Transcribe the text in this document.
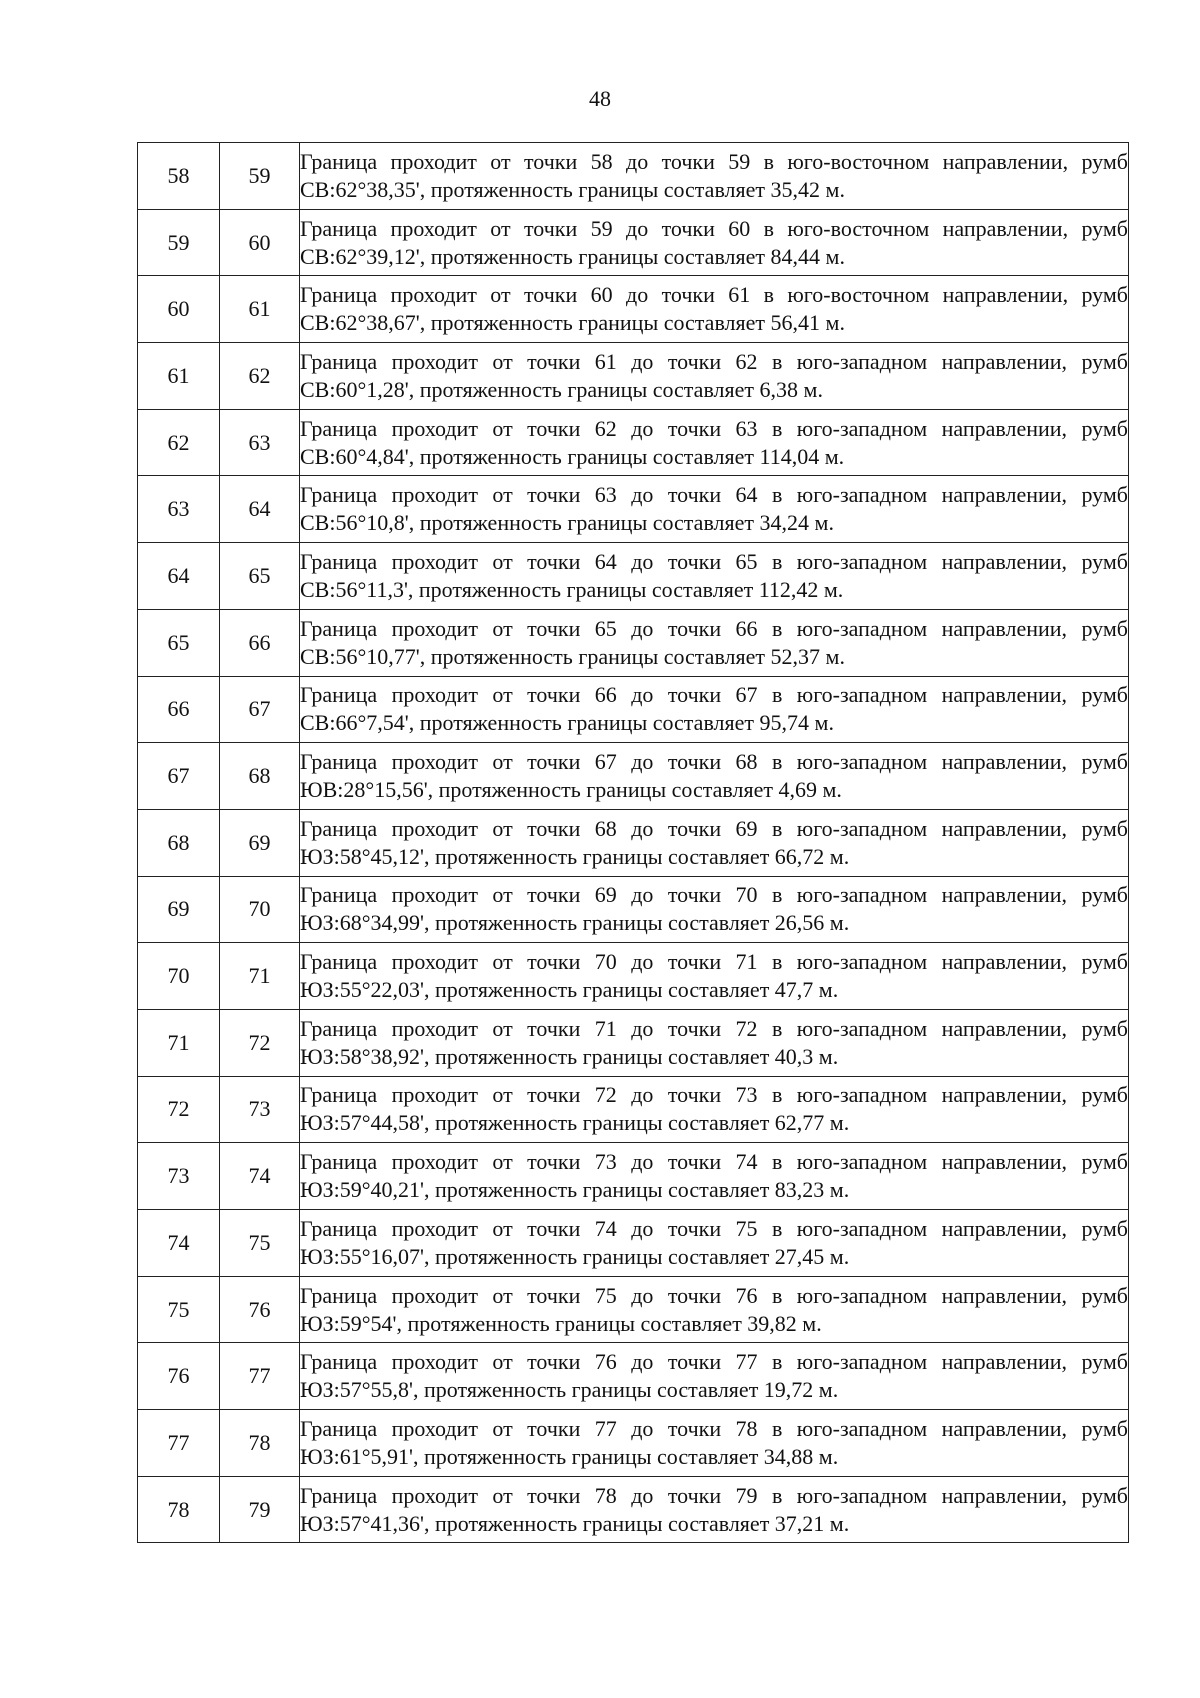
48
58	59	Граница проходит от точки 58 до точки 59 в юго-восточном направлении, румб СВ:62°38,35', протяженность границы составляет 35,42 м.
59	60	Граница проходит от точки 59 до точки 60 в юго-восточном направлении, румб СВ:62°39,12', протяженность границы составляет 84,44 м.
60	61	Граница проходит от точки 60 до точки 61 в юго-восточном направлении, румб СВ:62°38,67', протяженность границы составляет 56,41 м.
61	62	Граница проходит от точки 61 до точки 62 в юго-западном направлении, румб СВ:60°1,28', протяженность границы составляет 6,38 м.
62	63	Граница проходит от точки 62 до точки 63 в юго-западном направлении, румб СВ:60°4,84', протяженность границы составляет 114,04 м.
63	64	Граница проходит от точки 63 до точки 64 в юго-западном направлении, румб СВ:56°10,8', протяженность границы составляет 34,24 м.
64	65	Граница проходит от точки 64 до точки 65 в юго-западном направлении, румб СВ:56°11,3', протяженность границы составляет 112,42 м.
65	66	Граница проходит от точки 65 до точки 66 в юго-западном направлении, румб СВ:56°10,77', протяженность границы составляет 52,37 м.
66	67	Граница проходит от точки 66 до точки 67 в юго-западном направлении, румб СВ:66°7,54', протяженность границы составляет 95,74 м.
67	68	Граница проходит от точки 67 до точки 68 в юго-западном направлении, румб ЮВ:28°15,56', протяженность границы составляет 4,69 м.
68	69	Граница проходит от точки 68 до точки 69 в юго-западном направлении, румб ЮЗ:58°45,12', протяженность границы составляет 66,72 м.
69	70	Граница проходит от точки 69 до точки 70 в юго-западном направлении, румб ЮЗ:68°34,99', протяженность границы составляет 26,56 м.
70	71	Граница проходит от точки 70 до точки 71 в юго-западном направлении, румб ЮЗ:55°22,03', протяженность границы составляет 47,7 м.
71	72	Граница проходит от точки 71 до точки 72 в юго-западном направлении, румб ЮЗ:58°38,92', протяженность границы составляет 40,3 м.
72	73	Граница проходит от точки 72 до точки 73 в юго-западном направлении, румб ЮЗ:57°44,58', протяженность границы составляет 62,77 м.
73	74	Граница проходит от точки 73 до точки 74 в юго-западном направлении, румб ЮЗ:59°40,21', протяженность границы составляет 83,23 м.
74	75	Граница проходит от точки 74 до точки 75 в юго-западном направлении, румб ЮЗ:55°16,07', протяженность границы составляет 27,45 м.
75	76	Граница проходит от точки 75 до точки 76 в юго-западном направлении, румб ЮЗ:59°54', протяженность границы составляет 39,82 м.
76	77	Граница проходит от точки 76 до точки 77 в юго-западном направлении, румб ЮЗ:57°55,8', протяженность границы составляет 19,72 м.
77	78	Граница проходит от точки 77 до точки 78 в юго-западном направлении, румб ЮЗ:61°5,91', протяженность границы составляет 34,88 м.
78	79	Граница проходит от точки 78 до точки 79 в юго-западном направлении, румб ЮЗ:57°41,36', протяженность границы составляет 37,21 м.
